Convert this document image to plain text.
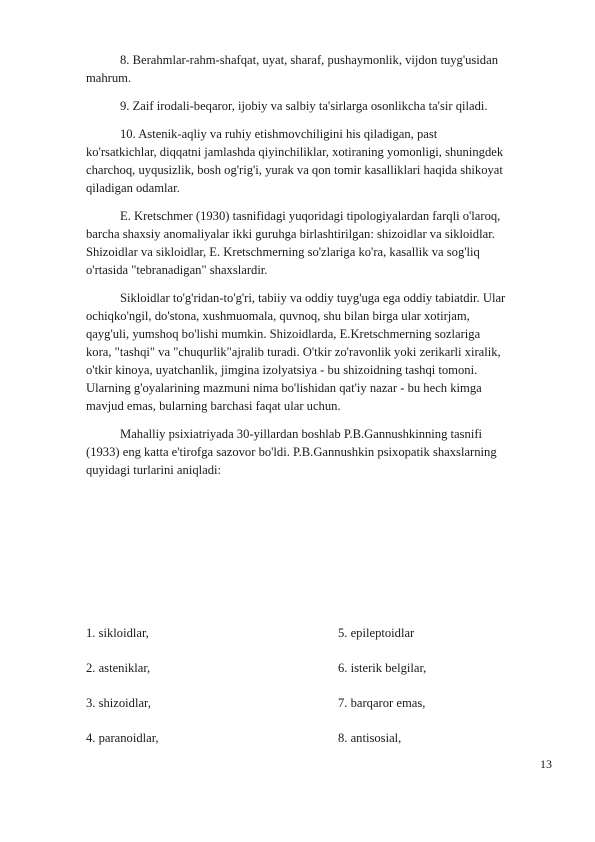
8. Berahmlar-rahm-shafqat, uyat, sharaf, pushaymonlik, vijdon tuyg'usidan
mahrum.
9. Zaif irodali-beqaror, ijobiy va salbiy ta'sirlarga osonlikcha ta'sir qiladi.
10. Astenik-aqliy va ruhiy etishmovchiligini his qiladigan, past
ko'rsatkichlar, diqqatni jamlashda qiyinchiliklar, xotiraning yomonligi, shuningdek
charchoq, uyqusizlik, bosh og'rig'i, yurak va qon tomir kasalliklari haqida shikoyat
qiladigan odamlar.
E. Kretschmer (1930) tasnifidagi yuqoridagi tipologiyalardan farqli o'laroq,
barcha shaxsiy anomaliyalar ikki guruhga birlashtirilgan: shizoidlar va sikloidlar.
Shizoidlar va sikloidlar, E. Kretschmerning so'zlariga ko'ra, kasallik va sog'liq
o'rtasida "tebranadigan" shaxslardir.
Sikloidlar to'g'ridan-to'g'ri, tabiiy va oddiy tuyg'uga ega oddiy tabiatdir. Ular
ochiqko'ngil, do'stona, xushmuomala, quvnoq, shu bilan birga ular xotirjam,
qayg'uli, yumshoq bo'lishi mumkin. Shizoidlarda, E.Kretschmerning sozlariga
kora, "tashqi" va "chuqurlik"ajralib turadi. O'tkir zo'ravonlik yoki zerikarli xiralik,
o'tkir kinoya, uyatchanlik, jimgina izolyatsiya - bu shizoidning tashqi tomoni.
Ularning g'oyalarining mazmuni nima bo'lishidan qat'iy nazar - bu hech kimga
mavjud emas, bularning barchasi faqat ular uchun.
Mahalliy psixiatriyada 30-yillardan boshlab P.B.Gannushkinning tasnifi
(1933) eng katta e'tirofga sazovor bo'ldi. P.B.Gannushkin psixopatik shaxslarning
quyidagi turlarini aniqladi:
1. sikloidlar,	5. epileptoidlar
2. asteniklar,	6. isterik belgilar,
3. shizoidlar,	7. barqaror emas,
4. paranoidlar,	8. antisosial,
13
